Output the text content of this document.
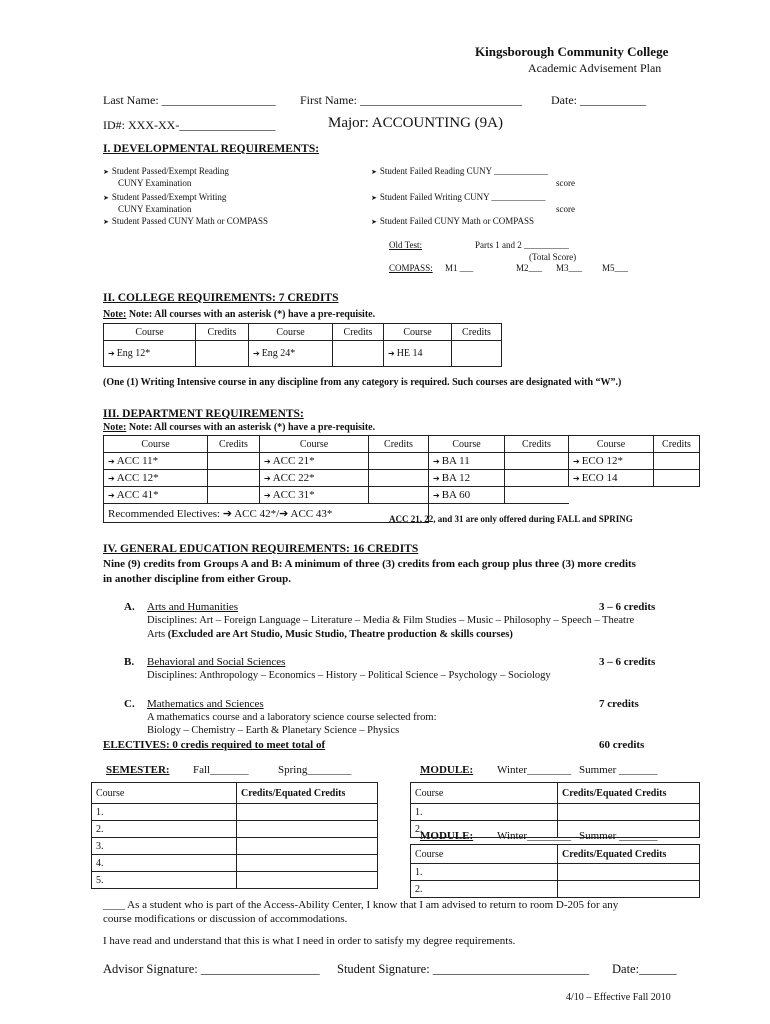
Kingsborough Community College
Academic Advisement Plan
Last Name: ___________________ First Name: ___________________________ Date: ___________
ID#: XXX-XX-________________	Major: ACCOUNTING (9A)
I. DEVELOPMENTAL REQUIREMENTS:
➤ Student Passed/Exempt Reading
CUNY Examination
➤ Student Passed/Exempt Writing
CUNY Examination
➤ Student Passed CUNY Math or COMPASS
➤ Student Failed Reading CUNY ____________
score
➤ Student Failed Writing CUNY ____________
score
➤ Student Failed CUNY Math or COMPASS
Old Test:	Parts 1 and 2 __________
(Total Score)
COMPASS: M1 ___	M2___ M3___ M5___
II. COLLEGE REQUIREMENTS: 7 CREDITS
Note: Note: All courses with an asterisk (*) have a pre-requisite.
Course	Credits	Course	Credits	Course	Credits
➔ Eng 12*		➔ Eng 24*		➔ HE 14	
(One (1) Writing Intensive course in any discipline from any category is required. Such courses are designated with “W”.)
III. DEPARTMENT REQUIREMENTS:
Note: Note: All courses with an asterisk (*) have a pre-requisite.
Course	Credits	Course	Credits	Course	Credits	Course	Credits
➔ ACC 11*		➔ ACC 21*		➔ BA 11		➔ ECO 12*	
➔ ACC 12*		➔ ACC 22*		➔ BA 12		➔ ECO 14	
➔ ACC 41*		➔ ACC 31*		➔ BA 60			
Recommended Electives: ➔ ACC 42*/➔ ACC 43*								ACC 21, 22, and 31 are only offered during FALL and SPRING
IV. GENERAL EDUCATION REQUIREMENTS: 16 CREDITS
Nine (9) credits from Groups A and B: A minimum of three (3) credits from each group plus three (3) more credits
in another discipline from either Group.
A. Arts and Humanities	3 – 6 credits
Disciplines: Art – Foreign Language – Literature – Media & Film Studies – Music – Philosophy – Speech – Theatre
Arts (Excluded are Art Studio, Music Studio, Theatre production & skills courses)
B. Behavioral and Social Sciences	3 – 6 credits
Disciplines: Anthropology – Economics – History – Political Science – Psychology – Sociology
C. Mathematics and Sciences	7 credits
A mathematics course and a laboratory science course selected from:
Biology – Chemistry – Earth & Planetary Science – Physics
ELECTIVES: 0 credis required to meet total of	60 credits
SEMESTER: Fall_______	Spring________
Course	Credits/Equated Credits
1.	
2.	
3.	
4.	
5.	
MODULE: Winter________ Summer _______
Course	Credits/Equated Credits
1.	
2.	
MODULE: Winter________ Summer _______
Course	Credits/Equated Credits
1.	
2.	
____ As a student who is part of the Access-Ability Center, I know that I am advised to return to room D-205 for any
course modifications or discussion of accommodations.
I have read and understand that this is what I need in order to satisfy my degree requirements.
Advisor Signature: ___________________ Student Signature: _________________________ Date:______
4/10 – Effective Fall 2010
